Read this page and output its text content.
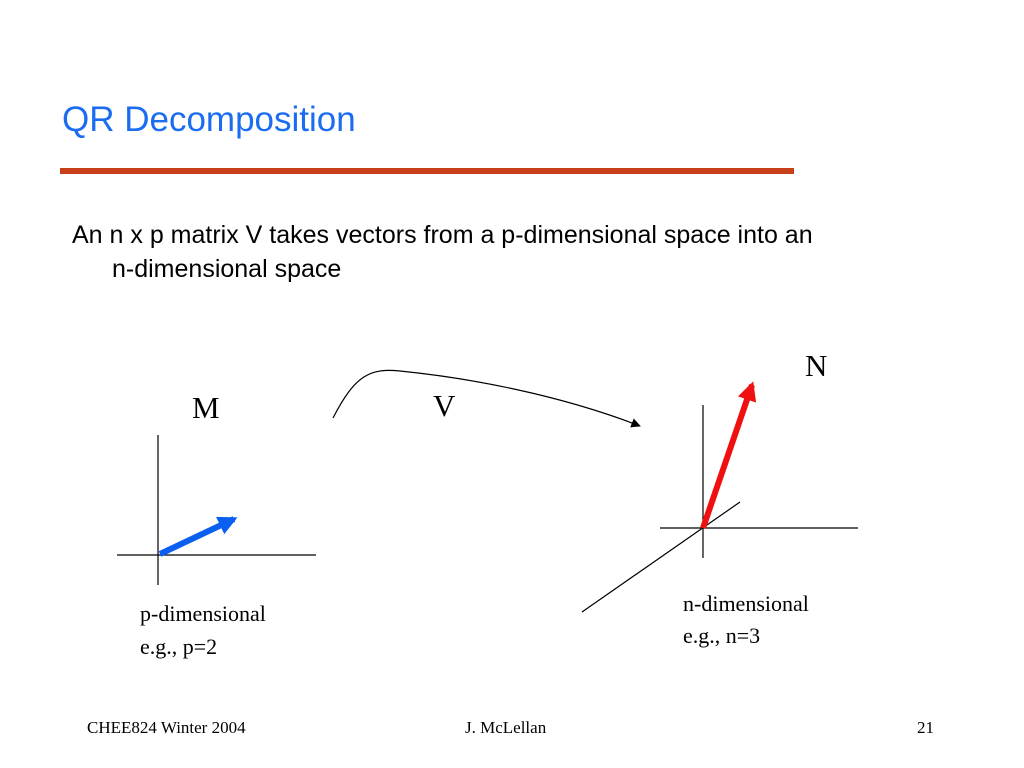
QR Decomposition
An n x p matrix V takes vectors from a p-dimensional space into an
n-dimensional space
M
N
V
p-dimensional
e.g., p=2
n-dimensional
e.g., n=3
CHEE824 Winter 2004	J. McLellan	21
